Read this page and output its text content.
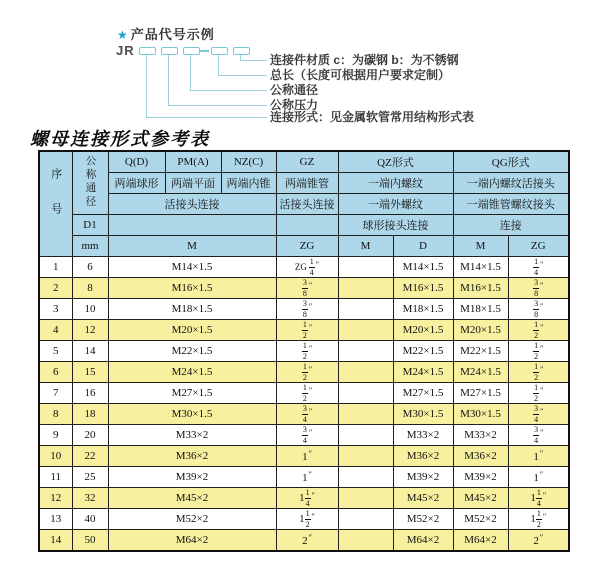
★ 产品代号示例
JR
连接件材质 c：为碳钢 b：为不锈钢
总长（长度可根据用户要求定制）
公称通径
公称压力
连接形式：见金属软管常用结构形式表
螺母连接形式参考表
序号	公称通径	Q(D)	PM(A)	NZ(C)	GZ	QZ形式		QG形式	
		两端球形	两端平面	两端内锥	两端锥管	一端内螺纹		一端内螺纹活接头	
		活接头连接			活接头连接	一端外螺纹		一端锥管螺纹接头	
	D1					球形接头连接		连接	
	mm	M			ZG	M	D	M	ZG
1	6	M14×1.5			ZG  $\frac{1}{4} ''$		M14×1.5	M14×1.5	$\frac{1}{4} ''$
2	8	M16×1.5			$\frac{3}{8} ''$		M16×1.5	M16×1.5	$\frac{3}{8} ''$
3	10	M18×1.5			$\frac{3}{8} ''$		M18×1.5	M18×1.5	$\frac{3}{8} ''$
4	12	M20×1.5			$\frac{1}{2} ''$		M20×1.5	M20×1.5	$\frac{1}{2} ''$
5	14	M22×1.5			$\frac{1}{2} ''$		M22×1.5	M22×1.5	$\frac{1}{2} ''$
6	15	M24×1.5			$\frac{1}{2} ''$		M24×1.5	M24×1.5	$\frac{1}{2} ''$
7	16	M27×1.5			$\frac{1}{2} ''$		M27×1.5	M27×1.5	$\frac{1}{2} ''$
8	18	M30×1.5			$\frac{3}{4} ''$		M30×1.5	M30×1.5	$\frac{3}{4} ''$
9	20	M33×2			$\frac{3}{4} ''$		M33×2	M33×2	$\frac{3}{4} ''$
10	22	M36×2			1″		M36×2	M36×2	1″
11	25	M39×2			1″		M39×2	M39×2	1″
12	32	M45×2			$1 \frac{1}{4} ''$		M45×2	M45×2	$1 \frac{1}{4} ''$
13	40	M52×2			$1 \frac{1}{2} ''$		M52×2	M52×2	$1 \frac{1}{2} ''$
14	50	M64×2			2″		M64×2	M64×2	2″
